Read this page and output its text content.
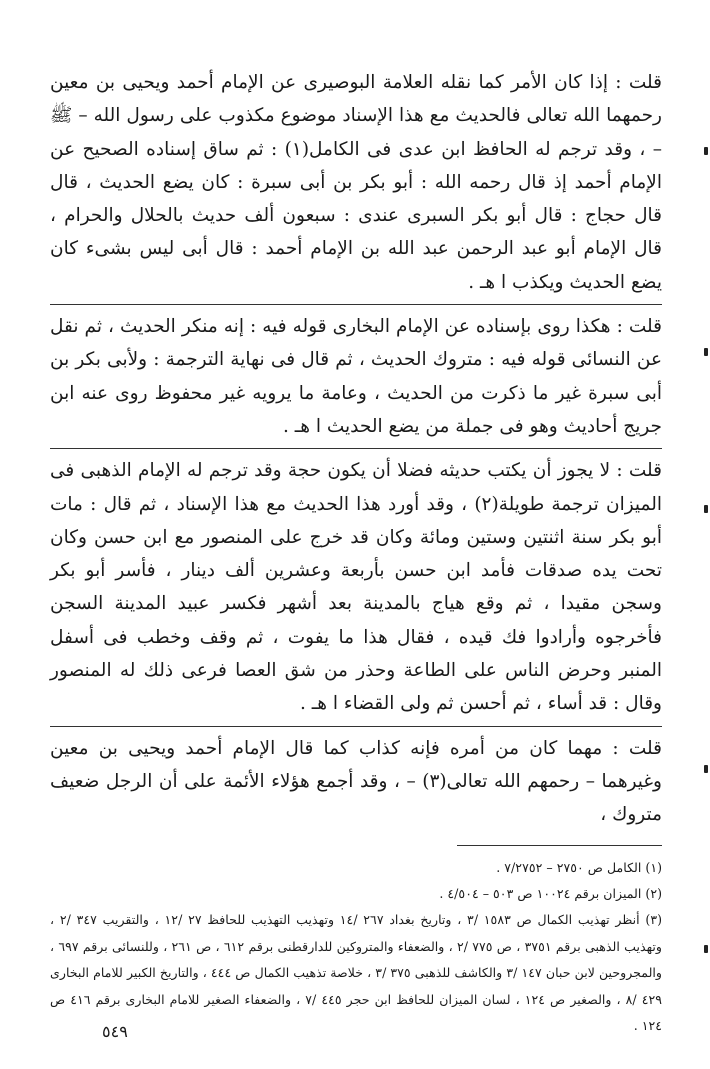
قلت : إذا كان الأمر كما نقله العلامة البوصيرى عن الإمام أحمد ويحيى بن معين رحمهما الله تعالى فالحديث مع هذا الإسناد موضوع مكذوب على رسول الله – ﷺ – ، وقد ترجم له الحافظ ابن عدى فى الكامل(١) : ثم ساق إسناده الصحيح عن الإمام أحمد إذ قال رحمه الله : أبو بكر بن أبى سبرة : كان يضع الحديث ، قال قال حجاج : قال أبو بكر السبرى عندى : سبعون ألف حديث بالحلال والحرام ، قال الإمام أبو عبد الرحمن عبد الله بن الإمام أحمد : قال أبى ليس بشىء كان يضع الحديث ويكذب ا هـ .

قلت : هكذا روى بإسناده عن الإمام البخارى قوله فيه : إنه منكر الحديث ، ثم نقل عن النسائى قوله فيه : متروك الحديث ، ثم قال فى نهاية الترجمة : ولأبى بكر بن أبى سبرة غير ما ذكرت من الحديث ، وعامة ما يرويه غير محفوظ روى عنه ابن جريج أحاديث وهو فى جملة من يضع الحديث ا هـ .

قلت : لا يجوز أن يكتب حديثه فضلا أن يكون حجة وقد ترجم له الإمام الذهبى فى الميزان ترجمة طويلة(٢) ، وقد أورد هذا الحديث مع هذا الإسناد ، ثم قال : مات أبو بكر سنة اثنتين وستين ومائة وكان قد خرج على المنصور مع ابن حسن وكان تحت يده صدقات فأمد ابن حسن بأربعة وعشرين ألف دينار ، فأسر أبو بكر وسجن مقيدا ، ثم وقع هياج بالمدينة بعد أشهر فكسر عبيد المدينة السجن فأخرجوه وأرادوا فك قيده ، فقال هذا ما يفوت ، ثم وقف وخطب فى أسفل المنبر وحرض الناس على الطاعة وحذر من شق العصا فرعى ذلك له المنصور وقال : قد أساء ، ثم أحسن ثم ولى القضاء ا هـ .

قلت : مهما كان من أمره فإنه كذاب كما قال الإمام أحمد ويحيى بن معين وغيرهما – رحمهم الله تعالى(٣) – ، وقد أجمع هؤلاء الأئمة على أن الرجل ضعيف متروك ،

(١) الكامل ص ٢٧٥٠ – ٧/٢٧٥٢ .

(٢) الميزان برقم ١٠٠٢٤ ص ٥٠٣ – ٤/٥٠٤ .

(٣) أنظر تهذيب الكمال ص ١٥٨٣ /٣ ، وتاريخ بغداد ٢٦٧ /١٤ وتهذيب التهذيب للحافظ ٢٧ /١٢ ، والتقريب ٣٤٧ /٢ ، وتهذيب الذهبى برقم ٣٧٥١ ، ص ٧٧٥ /٢ ، والضعفاء والمتروكين للدارقطنى برقم ٦١٢ ، ص ٢٦١ ، وللنسائى برقم ٦٩٧ ، والمجروحين لابن حبان ١٤٧ /٣ والكاشف للذهبى ٣٧٥ /٣ ، خلاصة تذهيب الكمال ص ٤٤٤ ، والتاريخ الكبير للامام البخارى ٤٢٩ /٨ ، والصغير ص ١٢٤ ، لسان الميزان للحافظ ابن حجر ٤٤٥ /٧ ، والضعفاء الصغير للامام البخارى برقم ٤١٦ ص ١٢٤ .

٥٤٩
